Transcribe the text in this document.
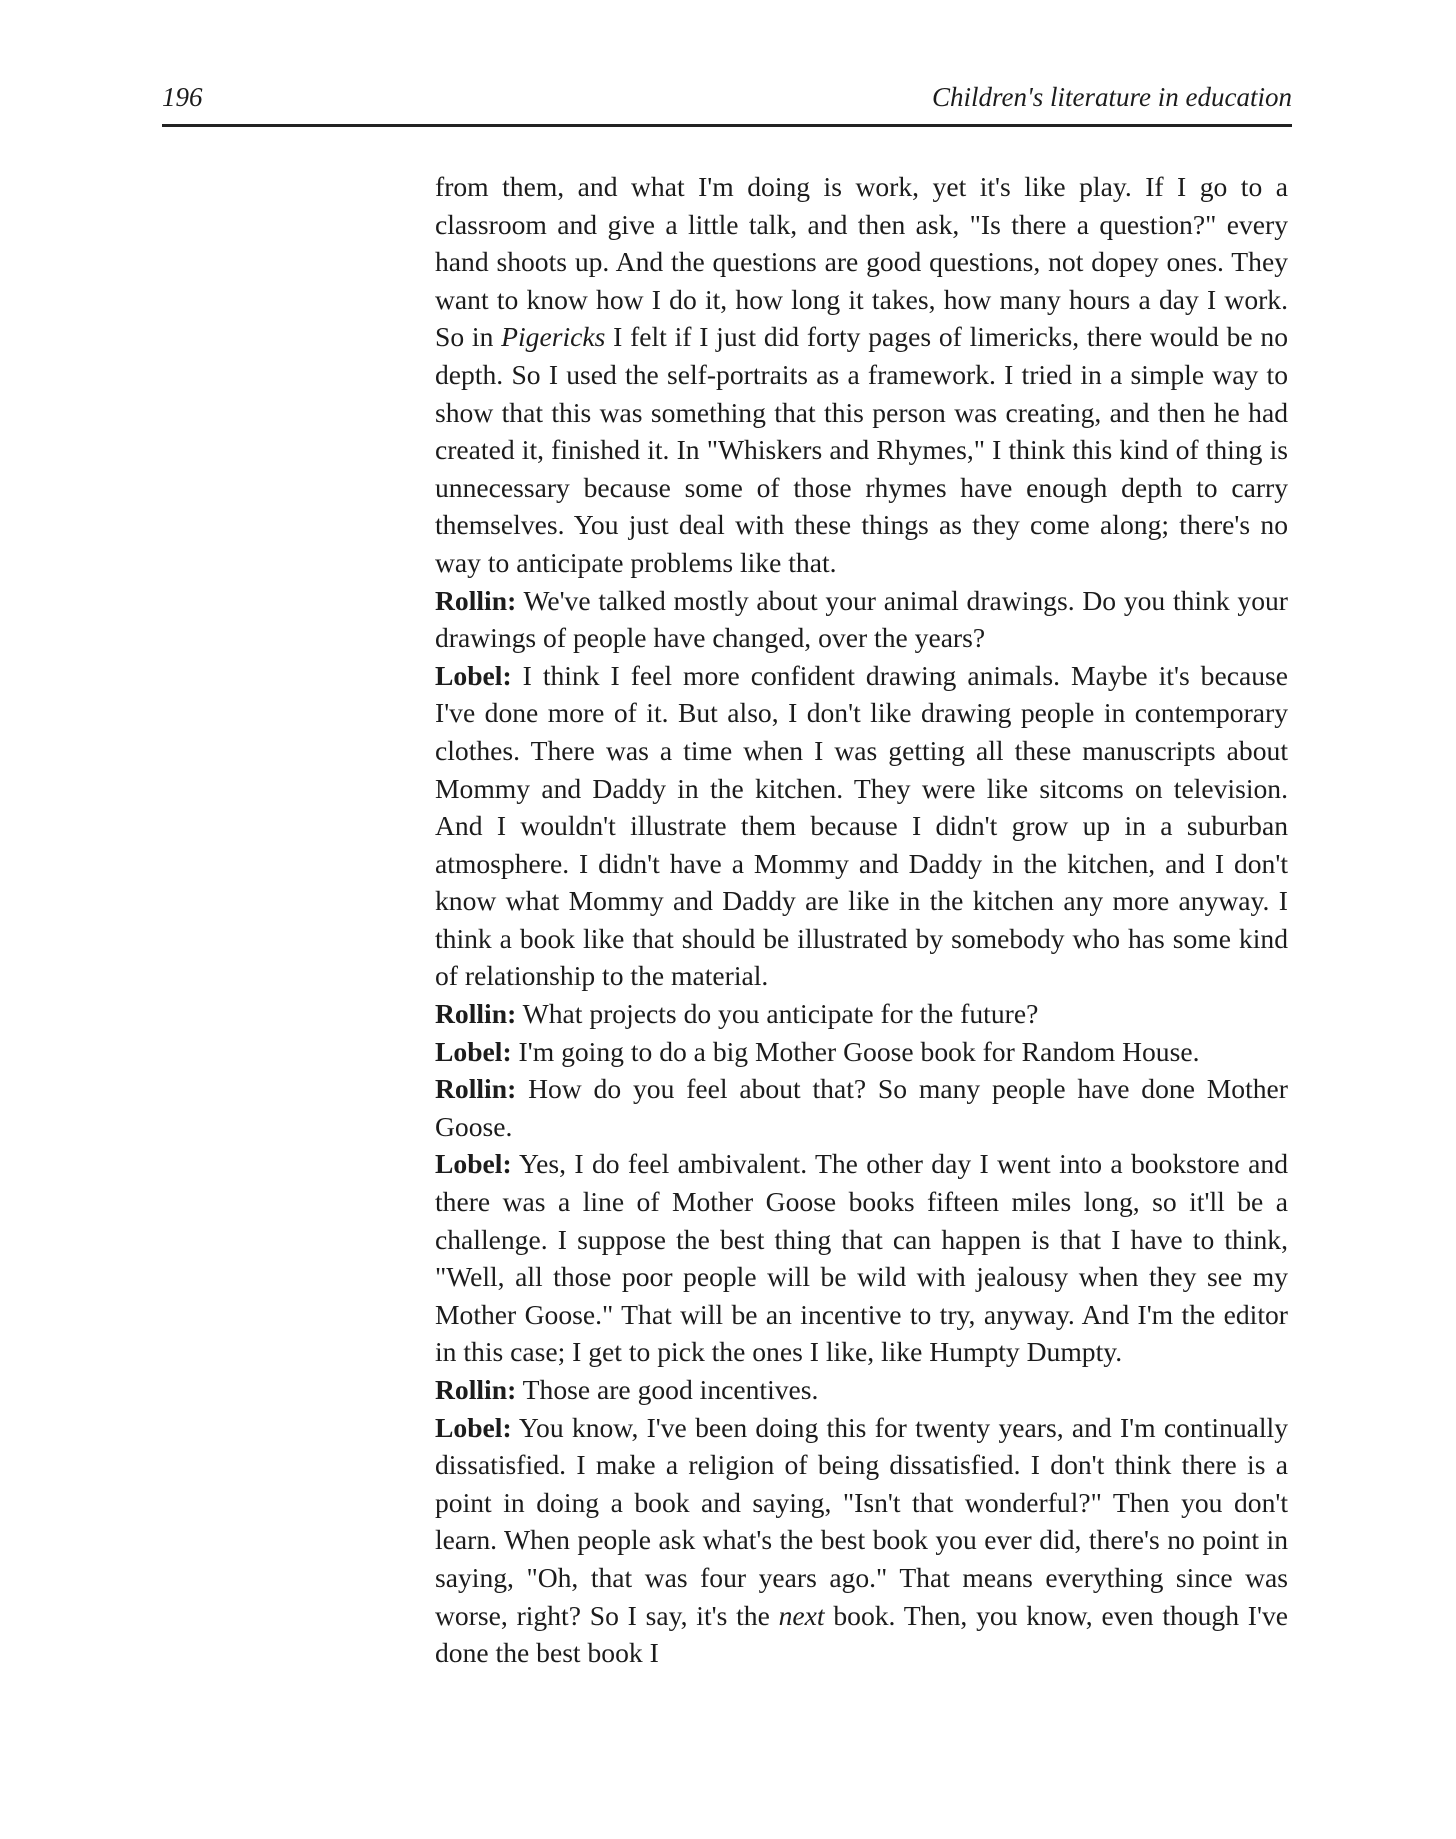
196	Children's literature in education

from them, and what I'm doing is work, yet it's like play. If I go to a classroom and give a little talk, and then ask, "Is there a question?" every hand shoots up. And the questions are good questions, not dopey ones. They want to know how I do it, how long it takes, how many hours a day I work. So in Pigericks I felt if I just did forty pages of limericks, there would be no depth. So I used the self-portraits as a framework. I tried in a simple way to show that this was something that this person was creating, and then he had created it, finished it. In "Whiskers and Rhymes," I think this kind of thing is unnecessary because some of those rhymes have enough depth to carry themselves. You just deal with these things as they come along; there's no way to anticipate problems like that.

Rollin: We've talked mostly about your animal drawings. Do you think your drawings of people have changed, over the years?

Lobel: I think I feel more confident drawing animals. Maybe it's because I've done more of it. But also, I don't like drawing people in contemporary clothes. There was a time when I was getting all these manuscripts about Mommy and Daddy in the kitchen. They were like sitcoms on television. And I wouldn't illustrate them because I didn't grow up in a suburban atmosphere. I didn't have a Mommy and Daddy in the kitchen, and I don't know what Mommy and Daddy are like in the kitchen any more anyway. I think a book like that should be illustrated by somebody who has some kind of relationship to the material.

Rollin: What projects do you anticipate for the future?

Lobel: I'm going to do a big Mother Goose book for Random House.

Rollin: How do you feel about that? So many people have done Mother Goose.

Lobel: Yes, I do feel ambivalent. The other day I went into a bookstore and there was a line of Mother Goose books fifteen miles long, so it'll be a challenge. I suppose the best thing that can happen is that I have to think, "Well, all those poor people will be wild with jealousy when they see my Mother Goose." That will be an incentive to try, anyway. And I'm the editor in this case; I get to pick the ones I like, like Humpty Dumpty.

Rollin: Those are good incentives.

Lobel: You know, I've been doing this for twenty years, and I'm continually dissatisfied. I make a religion of being dissatisfied. I don't think there is a point in doing a book and saying, "Isn't that wonderful?" Then you don't learn. When people ask what's the best book you ever did, there's no point in saying, "Oh, that was four years ago." That means everything since was worse, right? So I say, it's the next book. Then, you know, even though I've done the best book I
